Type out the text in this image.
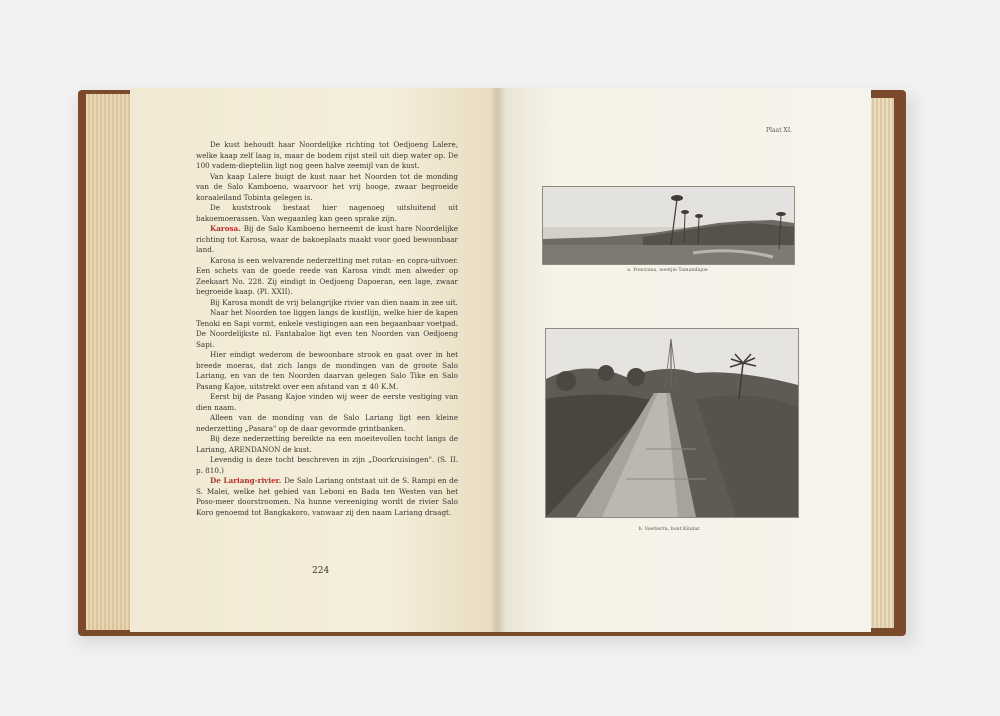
De kust behoudt haar Noordelijke richting tot Oedjoeng Lalere, welke kaap zelf laag is, maar de bodem rijst steil uit diep water op. De 100 vadem-diepteliin ligt nog geen halve zeemijl van de kust.

Van kaap Lalere buigt de kust naar het Noorden tot de monding van de Salo Kamboeno, waarvoor het vrij hooge, zwaar begroeide koraaleiland Tobinta gelegen is.

De kuststrook bestaat hier nagenoeg uitsluitend uit bakoemoerassen. Van wegaanleg kan geen sprake zijn.

Karosa. Bij de Salo Kamboeno herneemt de kust hare Noordelijke richting tot Karosa, waar de bakoeplaats maakt voor goed bewoonbaar land.

Karosa is een welvarende nederzetting met rotan- en copra-uitvoer. Een schets van de goede reede van Karosa vindt men alweder op Zeekaart No. 228. Zij eindigt in Oedjoeng Dapoeran, een lage, zwaar begroeide kaap. (Pl. XXII).

Bij Karosa mondt de vrij belangrijke rivier van dien naam in zee uit.

Naar het Noorden toe liggen langs de kustlijn, welke hier de kapen Tenoki en Sapi vormt, enkele vestigingen aan een begaanbaar voetpad. De Noordelijkste nl. Fantabaloe ligt even ten Noorden van Oedjoeng Sapi.

Hier eindigt wederom de bewoonbare strook en gaat over in het breede moeras, dat zich langs de mondingen van de groote Salo Lariang, en van de ten Noorden daarvan gelegen Salo Tike en Salo Pasang Kajoe, uitstrekt over een afstand van ± 40 K.M.

Eerst bij de Pasang Kajoe vinden wij weer de eerste vestiging van dien naam.

Alleen van de monding van de Salo Lariang ligt een kleine nederzetting „Pasara" op de daar gevormde grintbanken.

Bij deze nederzetting bereikte na een moeitevollen tocht langs de Lariang, ARENDANON de kust.

Levendig is deze tocht beschreven in zijn „Doorkruisingen". (S. II. p. 810.)

De Lariang-rivier. De Salo Lariang ontstaat uit de S. Rampi en de S. Malei, welke het gebied van Leboni en Bada ten Westen van het Poso-meer doorstroomen. Na hunne vereeniging wordt de rivier Salo Koro genoemd tot Bangkakoro, vanwaar zij den naam Lariang draagt.

224
Plaat XI.
a. Ponorana, weetjie Tamandajoe
b. Voetterra, bont Kindar.
